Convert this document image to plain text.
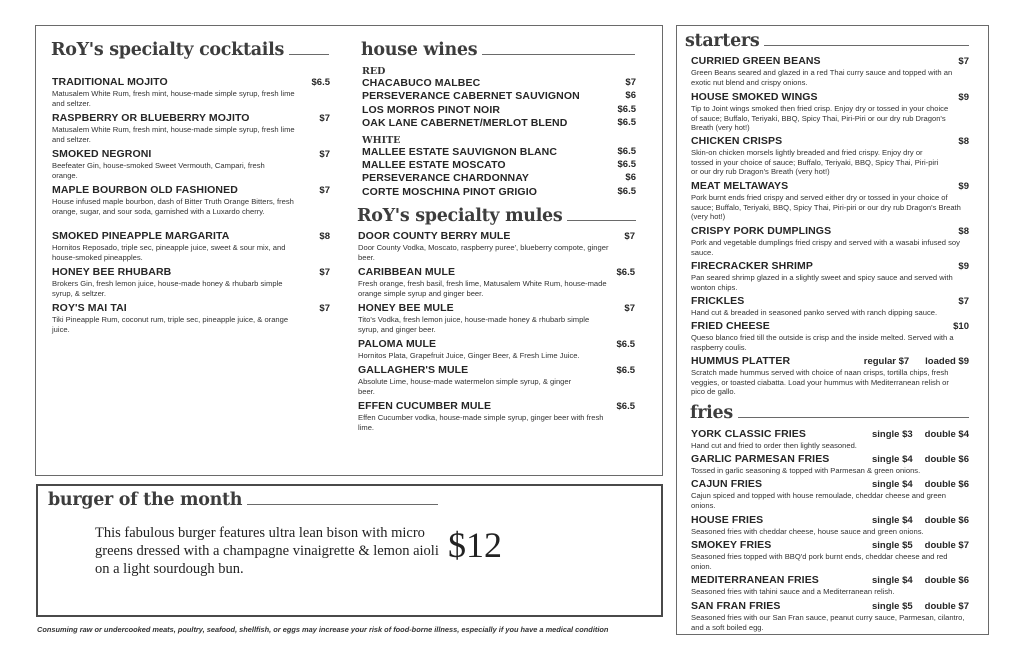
RoY's specialty cocktails
TRADITIONAL MOJITO	$6.5
Matusalem White Rum, fresh mint, house-made simple syrup, fresh lime and seltzer.
RASPBERRY OR BLUEBERRY MOJITO	$7
Matusalem White Rum, fresh mint, house-made simple syrup, fresh lime and seltzer.
SMOKED NEGRONI	$7
Beefeater Gin, house-smoked Sweet Vermouth, Campari, fresh orange.
MAPLE BOURBON OLD FASHIONED	$7
House infused maple bourbon, dash of Bitter Truth Orange Bitters, fresh orange, sugar, and sour soda, garnished with a Luxardo cherry.
SMOKED PINEAPPLE MARGARITA	$8
Hornitos Reposado, triple sec, pineapple juice, sweet & sour mix, and house-smoked pineapples.
HONEY BEE RHUBARB	$7
Brokers Gin, fresh lemon juice, house-made honey & rhubarb simple syrup, & seltzer.
ROY'S MAI TAI	$7
Tiki Pineapple Rum, coconut rum, triple sec, pineapple juice, & orange juice.
house wines
RED
CHACABUCO MALBEC	$7
PERSEVERANCE CABERNET SAUVIGNON	$6
LOS MORROS PINOT NOIR	$6.5
OAK LANE CABERNET/MERLOT BLEND	$6.5
WHITE
MALLEE ESTATE SAUVIGNON BLANC	$6.5
MALLEE ESTATE MOSCATO	$6.5
PERSEVERANCE CHARDONNAY	$6
CORTE MOSCHINA PINOT GRIGIO	$6.5
RoY's specialty mules
DOOR COUNTY BERRY MULE	$7
Door County Vodka, Moscato, raspberry puree', blueberry compote, ginger beer.
CARIBBEAN MULE	$6.5
Fresh orange, fresh basil, fresh lime, Matusalem White Rum, house-made orange simple syrup and ginger beer.
HONEY BEE MULE	$7
Tito's Vodka, fresh lemon juice, house-made honey & rhubarb simple syrup, and ginger beer.
PALOMA MULE	$6.5
Hornitos Plata, Grapefruit Juice, Ginger Beer, & Fresh Lime Juice.
GALLAGHER'S MULE	$6.5
Absolute Lime, house-made watermelon simple syrup, & ginger beer.
EFFEN CUCUMBER MULE	$6.5
Effen Cucumber vodka, house-made simple syrup, ginger beer with fresh lime.
burger of the month
This fabulous burger features ultra lean bison with micro greens dressed with a champagne vinaigrette & lemon aioli on a light sourdough bun.
$12
Consuming raw or undercooked meats, poultry, seafood, shellfish, or eggs may increase your risk of food-borne illness, especially if you have a medical condition
starters
CURRIED GREEN BEANS	$7
Green Beans seared and glazed in a red Thai curry sauce and topped with an exotic nut blend and crispy onions.
HOUSE SMOKED WINGS	$9
Tip to Joint wings smoked then fried crisp. Enjoy dry or tossed in your choice of sauce; Buffalo, Teriyaki, BBQ, Spicy Thai, Piri-Piri or our dry rub Dragon's Breath (very hot!)
CHICKEN CRISPS	$8
Skin-on chicken morsels lightly breaded and fried crispy. Enjoy dry or tossed in your choice of sauce; Buffalo, Teriyaki, BBQ, Spicy Thai, Piri-piri or our dry rub Dragon's Breath (very hot!)
MEAT MELTAWAYS	$9
Pork burnt ends fried crispy and served either dry or tossed in your choice of sauce; Buffalo, Teriyaki, BBQ, Spicy Thai, Piri-piri or our dry rub Dragon's Breath (very hot!)
CRISPY PORK DUMPLINGS	$8
Pork and vegetable dumplings fried crispy and served with a wasabi infused soy sauce.
FIRECRACKER SHRIMP	$9
Pan seared shrimp glazed in a slightly sweet and spicy sauce and served with wonton chips.
FRICKLES	$7
Hand cut & breaded in seasoned panko served with ranch dipping sauce.
FRIED CHEESE	$10
Queso blanco fried till the outside is crisp and the inside melted. Served with a raspberry coulis.
HUMMUS PLATTER	regular $7 loaded $9
Scratch made hummus served with choice of naan crisps, tortilla chips, fresh veggies, or toasted ciabatta. Load your hummus with Mediterranean relish or pico de gallo.
fries
YORK CLASSIC FRIES	single $3 double $4
Hand cut and fried to order then lightly seasoned.
GARLIC PARMESAN FRIES	single $4 double $6
Tossed in garlic seasoning & topped with Parmesan & green onions.
CAJUN FRIES	single $4 double $6
Cajun spiced and topped with house remoulade, cheddar cheese and green onions.
HOUSE FRIES	single $4 double $6
Seasoned fries with cheddar cheese, house sauce and green onions.
SMOKEY FRIES	single $5 double $7
Seasoned fries topped with BBQ'd pork burnt ends, cheddar cheese and red onion.
MEDITERRANEAN FRIES	single $4 double $6
Seasoned fries with tahini sauce and a Mediterranean relish.
SAN FRAN FRIES	single $5 double $7
Seasoned fries with our San Fran sauce, peanut curry sauce, Parmesan, cilantro, and a soft boiled egg.
